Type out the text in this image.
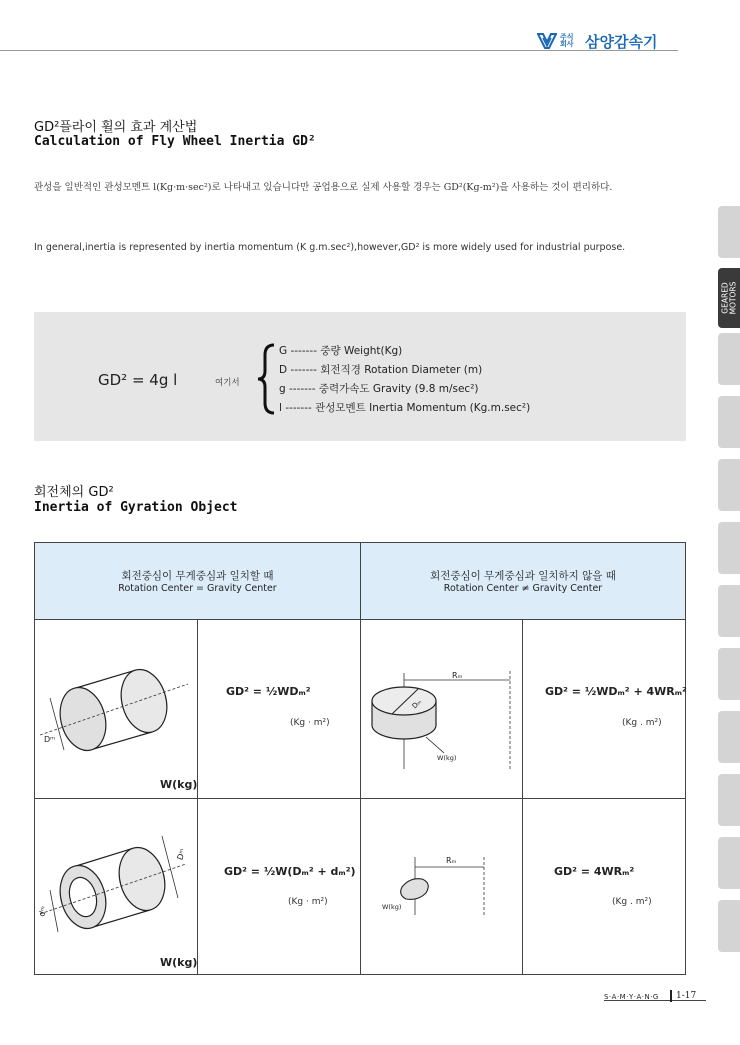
주식 회사 삼양감속기
GD²플라이 휠의 효과 계산법
Calculation of Fly Wheel Inertia GD²
관성을 일반적인 관성모멘트 l(Kg·m·sec²)로 나타내고 있습니다만 공업용으로 실제 사용할 경우는 GD²(Kg-m²)을 사용하는 것이 편리하다.
In general,inertia is represented by inertia momentum (K g.m.sec²),however,GD² is more widely used for industrial purpose.
GD² = 4g l	여기서
G ------- 중량 Weight(Kg)
D ------- 회전직경 Rotation Diameter (m)
g ------- 중력가속도 Gravity (9.8 m/sec²)
l ------- 관성모멘트 Inertia Momentum (Kg.m.sec²)
회전체의 GD²
Inertia of Gyration Object
회전중심이 무게중심과 일치할 때
Rotation Center = Gravity Center
회전중심이 무게중심과 일치하지 않을 때
Rotation Center ≠ Gravity Center
Dᵐ
W(kg)
GD² = ½WDₘ²
(Kg · m²)
Rₘ
Dₘ
W(kg)
GD² = ½WDₘ² + 4WRₘ²
(Kg . m²)
Dᵐ
dᵐ
W(kg)
GD² = ½W(Dₘ² + dₘ²)
(Kg · m²)
Rₘ
W(kg)
GD² = 4WRₘ²
(Kg . m²)
GEARED MOTORS
S·A·M·Y·A·N·G 1-17
